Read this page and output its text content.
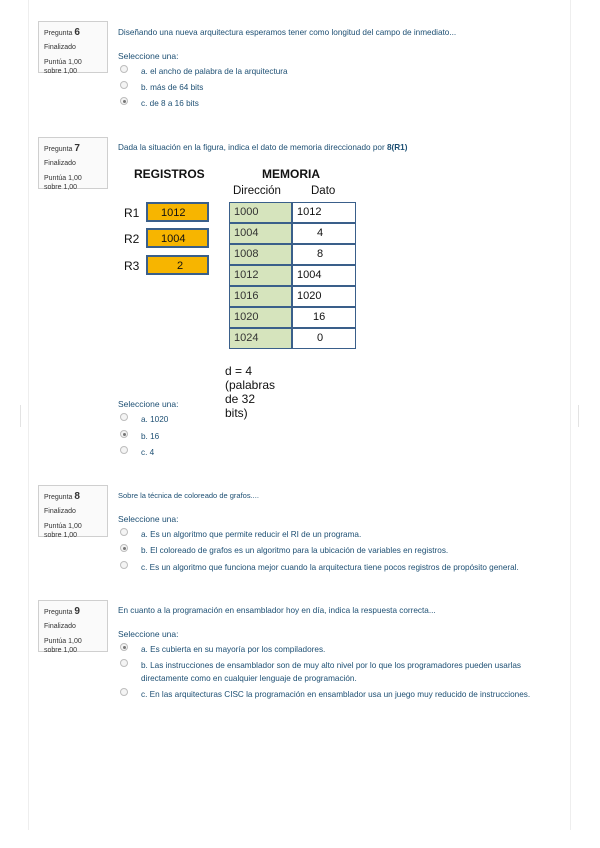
Pregunta 6
Finalizado
Puntúa 1,00
sobre 1,00
Diseñando una nueva arquitectura esperamos tener como longitud del campo de inmediato...
Seleccione una:
a. el ancho de palabra de la arquitectura
b. más de 64 bits
c. de 8 a 16 bits
Pregunta 7
Finalizado
Puntúa 1,00
sobre 1,00
Dada la situación en la figura, indica el dato de memoria direccionado por 8(R1)
REGISTROS	MEMORIA
Dirección	Dato
R1 1012
R2 1004
R3	2
1000	1012
1004	4
1008	8
1012	1004
1016	1020
1020	16
1024	0
d = 4 (palabras de 32 bits)
Seleccione una:
a. 1020
b. 16
c. 4
Pregunta 8
Finalizado
Puntúa 1,00
sobre 1,00
Sobre la técnica de coloreado de grafos....
Seleccione una:
a. Es un algoritmo que permite reducir el RI de un programa.
b. El coloreado de grafos es un algoritmo para la ubicación de variables en registros.
c. Es un algoritmo que funciona mejor cuando la arquitectura tiene pocos registros de propósito general.
Pregunta 9
Finalizado
Puntúa 1,00
sobre 1,00
En cuanto a la programación en ensamblador hoy en día, indica la respuesta correcta...
Seleccione una:
a. Es cubierta en su mayoría por los compiladores.
b. Las instrucciones de ensamblador son de muy alto nivel por lo que los programadores pueden usarlas directamente como en cualquier lenguaje de programación.
c. En las arquitecturas CISC la programación en ensamblador usa un juego muy reducido de instrucciones.
